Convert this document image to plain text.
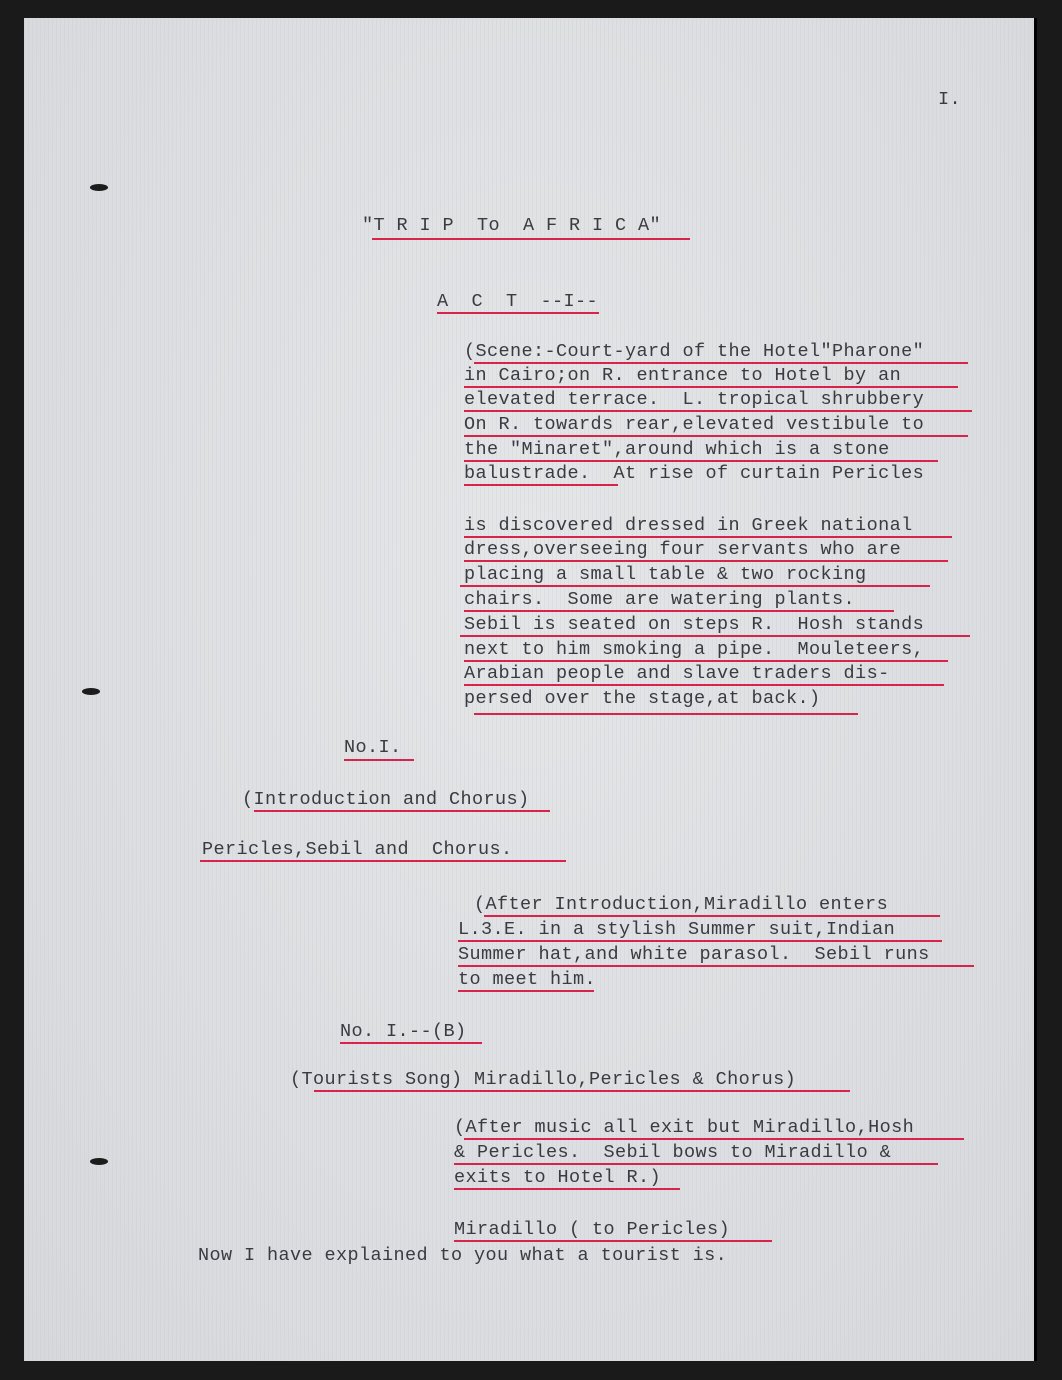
I.
"T R I P  To  A F R I C A"
A  C  T  --I--
(Scene:-Court-yard of the Hotel"Pharone"
in Cairo;on R. entrance to Hotel by an
elevated terrace.  L. tropical shrubbery
On R. towards rear,elevated vestibule to
the "Minaret",around which is a stone
balustrade.  At rise of curtain Pericles
is discovered dressed in Greek national
dress,overseeing four servants who are
placing a small table & two rocking
chairs.  Some are watering plants.
Sebil is seated on steps R.  Hosh stands
next to him smoking a pipe.  Mouleteers,
Arabian people and slave traders dis-
persed over the stage,at back.)
No.I.
(Introduction and Chorus)
Pericles,Sebil and  Chorus.
(After Introduction,Miradillo enters
L.3.E. in a stylish Summer suit,Indian
Summer hat,and white parasol.  Sebil runs
to meet him.
No. I.--(B)
(Tourists Song) Miradillo,Pericles & Chorus)
(After music all exit but Miradillo,Hosh
& Pericles.  Sebil bows to Miradillo &
exits to Hotel R.)
Miradillo ( to Pericles)
Now I have explained to you what a tourist is.
